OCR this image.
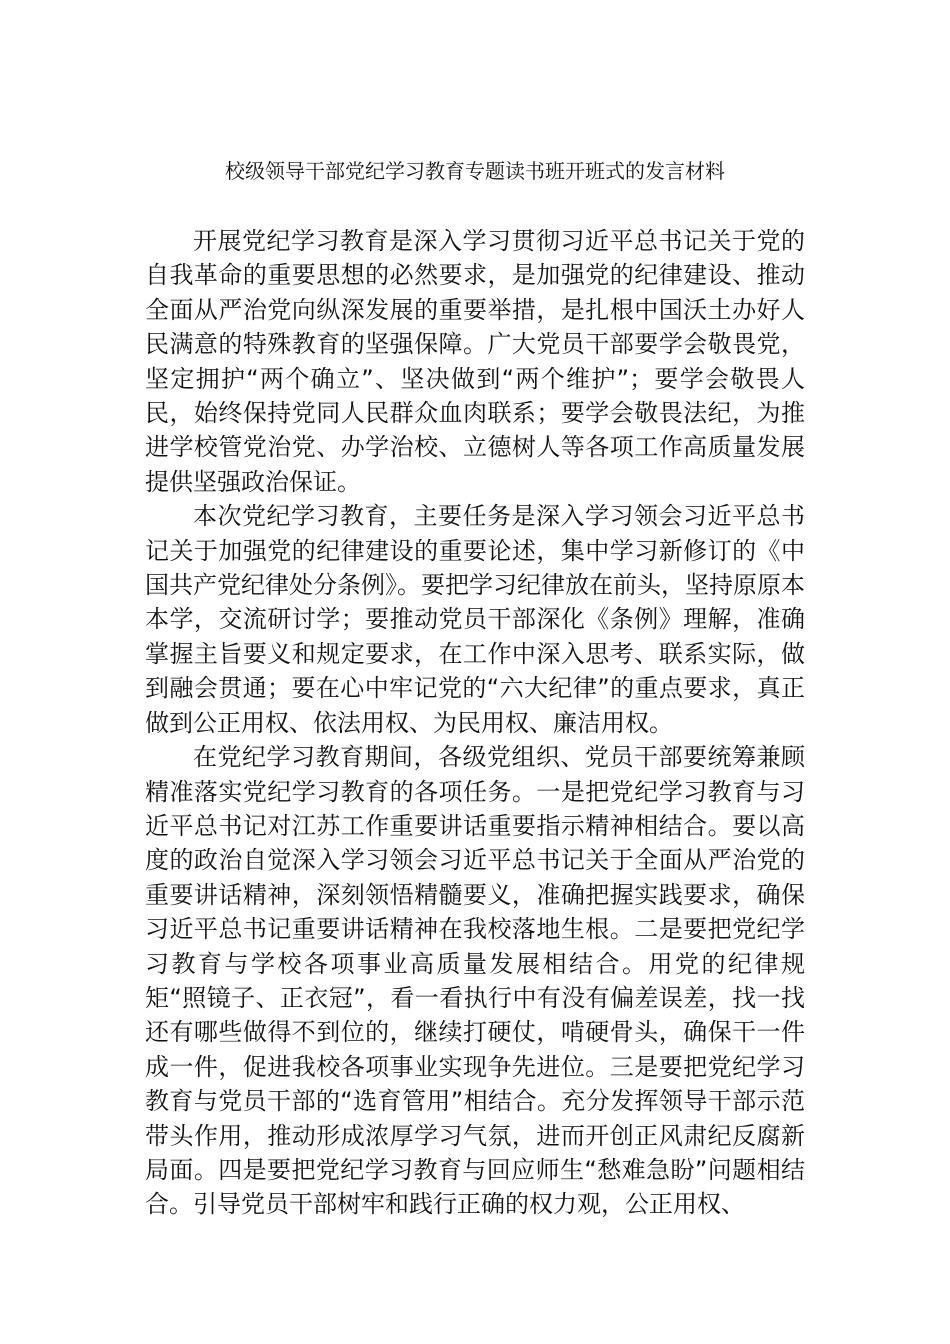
校级领导干部党纪学习教育专题读书班开班式的发言材料

开展党纪学习教育是深入学习贯彻习近平总书记关于党的自我革命的重要思想的必然要求，是加强党的纪律建设、推动全面从严治党向纵深发展的重要举措，是扎根中国沃土办好人民满意的特殊教育的坚强保障。广大党员干部要学会敬畏党，坚定拥护“两个确立”、坚决做到“两个维护”；要学会敬畏人民，始终保持党同人民群众血肉联系；要学会敬畏法纪，为推进学校管党治党、办学治校、立德树人等各项工作高质量发展提供坚强政治保证。

本次党纪学习教育，主要任务是深入学习领会习近平总书记关于加强党的纪律建设的重要论述，集中学习新修订的《中国共产党纪律处分条例》。要把学习纪律放在前头，坚持原原本本学，交流研讨学；要推动党员干部深化《条例》理解，准确掌握主旨要义和规定要求，在工作中深入思考、联系实际，做到融会贯通；要在心中牢记党的“六大纪律”的重点要求，真正做到公正用权、依法用权、为民用权、廉洁用权。

在党纪学习教育期间，各级党组织、党员干部要统筹兼顾精准落实党纪学习教育的各项任务。一是把党纪学习教育与习近平总书记对江苏工作重要讲话重要指示精神相结合。要以高度的政治自觉深入学习领会习近平总书记关于全面从严治党的重要讲话精神，深刻领悟精髓要义，准确把握实践要求，确保习近平总书记重要讲话精神在我校落地生根。二是要把党纪学习教育与学校各项事业高质量发展相结合。用党的纪律规矩“照镜子、正衣冠”，看一看执行中有没有偏差误差，找一找还有哪些做得不到位的，继续打硬仗，啃硬骨头，确保干一件成一件，促进我校各项事业实现争先进位。三是要把党纪学习教育与党员干部的“选育管用”相结合。充分发挥领导干部示范带头作用，推动形成浓厚学习气氛，进而开创正风肃纪反腐新局面。四是要把党纪学习教育与回应师生“愁难急盼”问题相结合。引导党员干部树牢和践行正确的权力观，公正用权、
